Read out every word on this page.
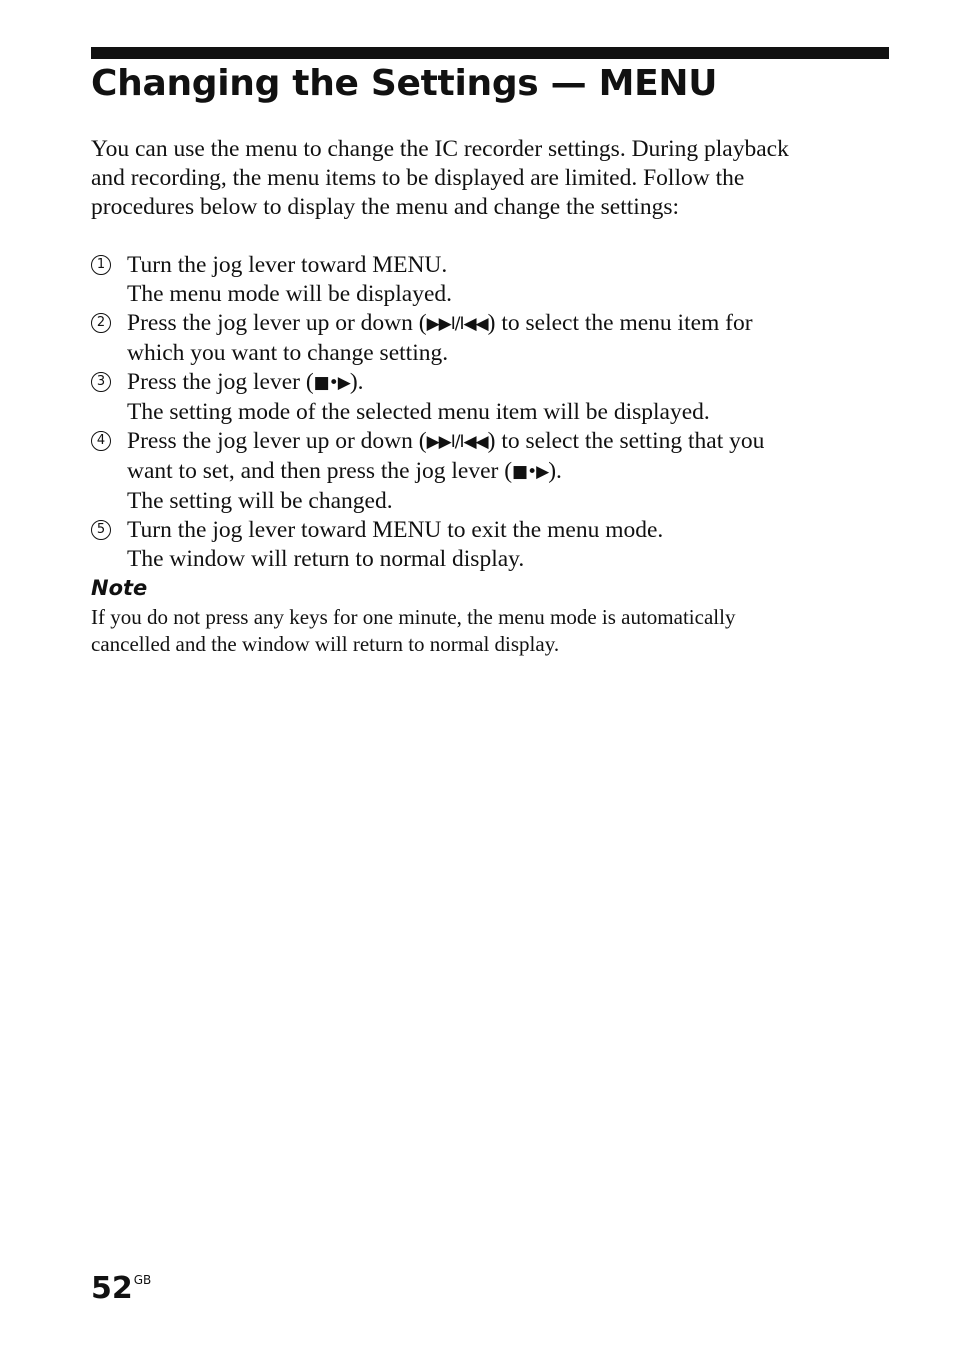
Changing the Settings — MENU
You can use the menu to change the IC recorder settings. During playback
and recording, the menu items to be displayed are limited. Follow the
procedures below to display the menu and change the settings:
1 Turn the jog lever toward MENU.
The menu mode will be displayed.
2 Press the jog lever up or down (▶▶I/I◀◀) to select the menu item for
which you want to change setting.
3 Press the jog lever (■•▶).
The setting mode of the selected menu item will be displayed.
4 Press the jog lever up or down (▶▶I/I◀◀) to select the setting that you
want to set, and then press the jog lever (■•▶).
The setting will be changed.
5 Turn the jog lever toward MENU to exit the menu mode.
The window will return to normal display.
Note
If you do not press any keys for one minute, the menu mode is automatically
cancelled and the window will return to normal display.
$52^{GB}$
